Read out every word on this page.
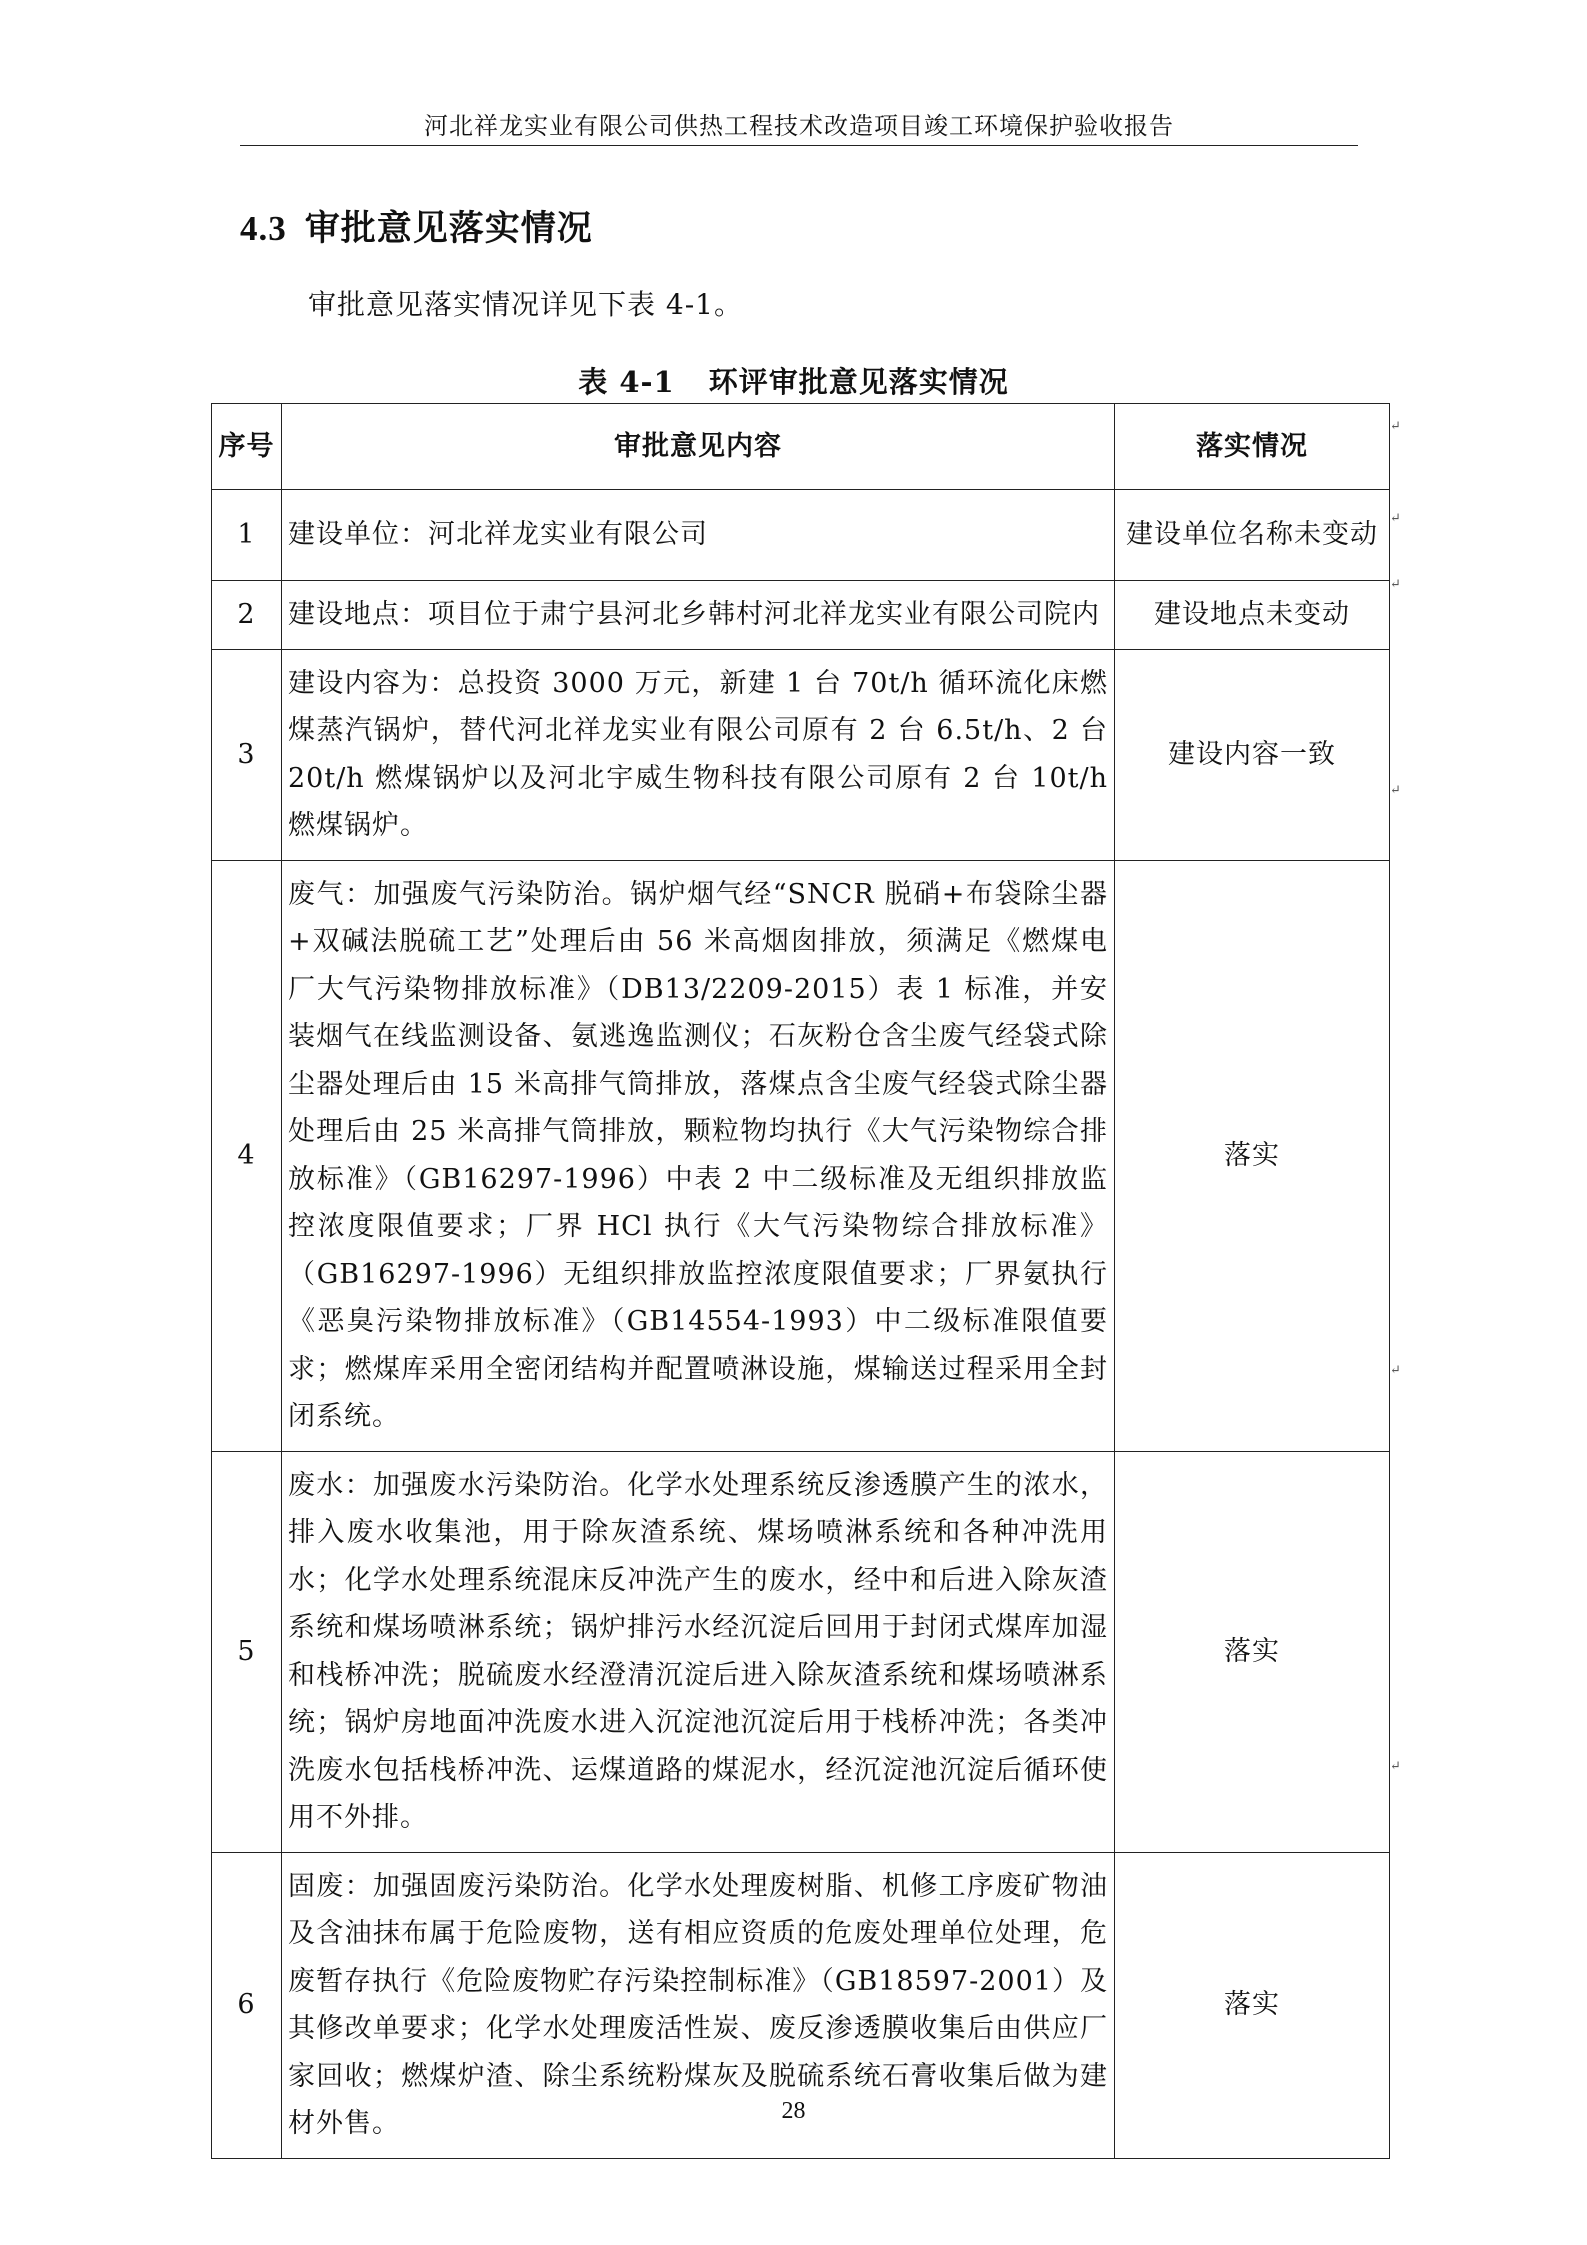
河北祥龙实业有限公司供热工程技术改造项目竣工环境保护验收报告
4.3 审批意见落实情况
审批意见落实情况详见下表 4-1。
表 4-1 环评审批意见落实情况
序号	审批意见内容	落实情况
1	建设单位：河北祥龙实业有限公司	建设单位名称未变动
2	建设地点：项目位于肃宁县河北乡韩村河北祥龙实业有限公司院内	建设地点未变动
3	建设内容为：总投资 3000 万元，新建 1 台 70t/h 循环流化床燃煤蒸汽锅炉，替代河北祥龙实业有限公司原有 2 台 6.5t/h、2 台 20t/h 燃煤锅炉以及河北宇威生物科技有限公司原有 2 台 10t/h 燃煤锅炉。	建设内容一致
4	废气：加强废气污染防治。锅炉烟气经“SNCR 脱硝+布袋除尘器+双碱法脱硫工艺”处理后由 56 米高烟囱排放，须满足《燃煤电厂大气污染物排放标准》（DB13/2209-2015）表 1 标准，并安装烟气在线监测设备、氨逃逸监测仪；石灰粉仓含尘废气经袋式除尘器处理后由 15 米高排气筒排放，落煤点含尘废气经袋式除尘器处理后由 25 米高排气筒排放，颗粒物均执行《大气污染物综合排放标准》（GB16297-1996）中表 2 中二级标准及无组织排放监控浓度限值要求；厂界 HCl 执行《大气污染物综合排放标准》（GB16297-1996）无组织排放监控浓度限值要求；厂界氨执行《恶臭污染物排放标准》（GB14554-1993）中二级标准限值要求；燃煤库采用全密闭结构并配置喷淋设施，煤输送过程采用全封闭系统。	落实
5	废水：加强废水污染防治。化学水处理系统反渗透膜产生的浓水，排入废水收集池，用于除灰渣系统、煤场喷淋系统和各种冲洗用水；化学水处理系统混床反冲洗产生的废水，经中和后进入除灰渣系统和煤场喷淋系统；锅炉排污水经沉淀后回用于封闭式煤库加湿和栈桥冲洗；脱硫废水经澄清沉淀后进入除灰渣系统和煤场喷淋系统；锅炉房地面冲洗废水进入沉淀池沉淀后用于栈桥冲洗；各类冲洗废水包括栈桥冲洗、运煤道路的煤泥水，经沉淀池沉淀后循环使用不外排。	落实
6	固废：加强固废污染防治。化学水处理废树脂、机修工序废矿物油及含油抹布属于危险废物，送有相应资质的危废处理单位处理，危废暂存执行《危险废物贮存污染控制标准》（GB18597-2001）及其修改单要求；化学水处理废活性炭、废反渗透膜收集后由供应厂家回收；燃煤炉渣、除尘系统粉煤灰及脱硫系统石膏收集后做为建材外售。	落实
↵
↵
↵
↵
↵
↵
28
